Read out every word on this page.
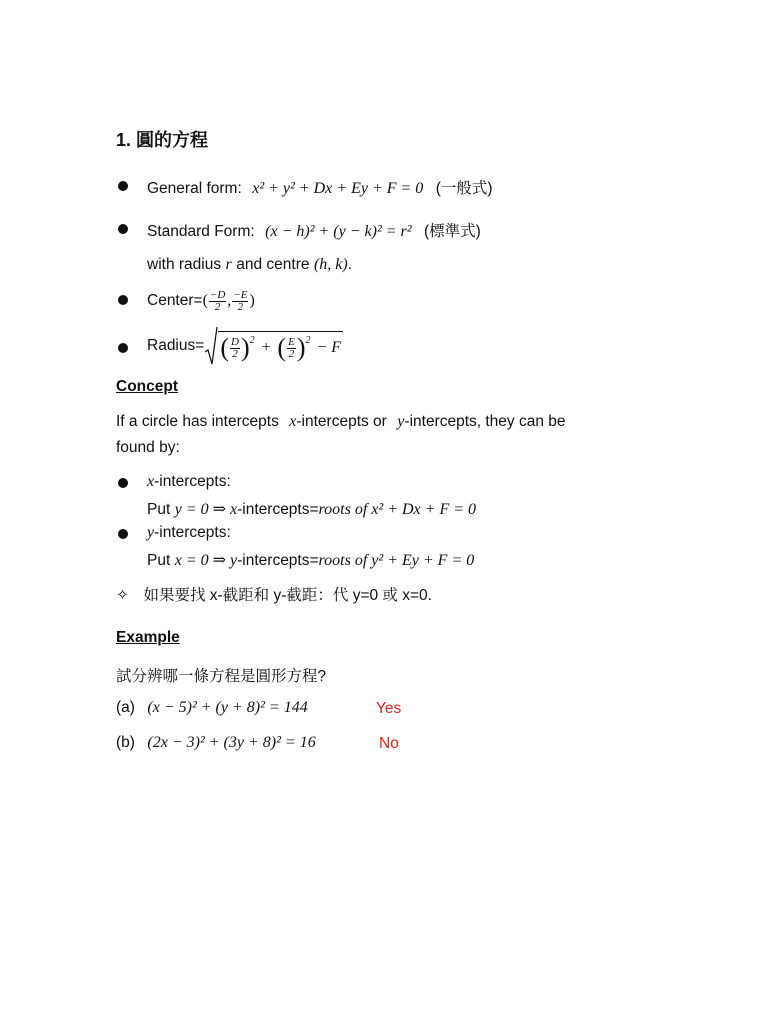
1. 圓的方程
General form: x² + y² + Dx + Ey + F = 0 (一般式)
Standard Form: (x − h)² + (y − k)² = r² (標準式)
with radius r and centre (h, k).
Center= ( $\frac{-D}{2}$ , $\frac{-E}{2}$ )
Radius= ( $\frac{D}{2} )^2$ + ( $\frac{E}{2} )^2 - F$
Concept
If a circle has intercepts x-intercepts or y-intercepts, they can be
found by:
x-intercepts:
Put y = 0 ⇒ x-intercepts=roots of x² + Dx + F = 0
y-intercepts:
Put x = 0 ⇒ y-intercepts=roots of y² + Ey + F = 0
✧ 如果要找 x-截距和 y-截距：代 y=0 或 x=0.
Example
試分辨哪一條方程是圓形方程?
(a) (x − 5)² + (y + 8)² = 144	Yes
(b) (2x − 3)² + (3y + 8)² = 16	No
